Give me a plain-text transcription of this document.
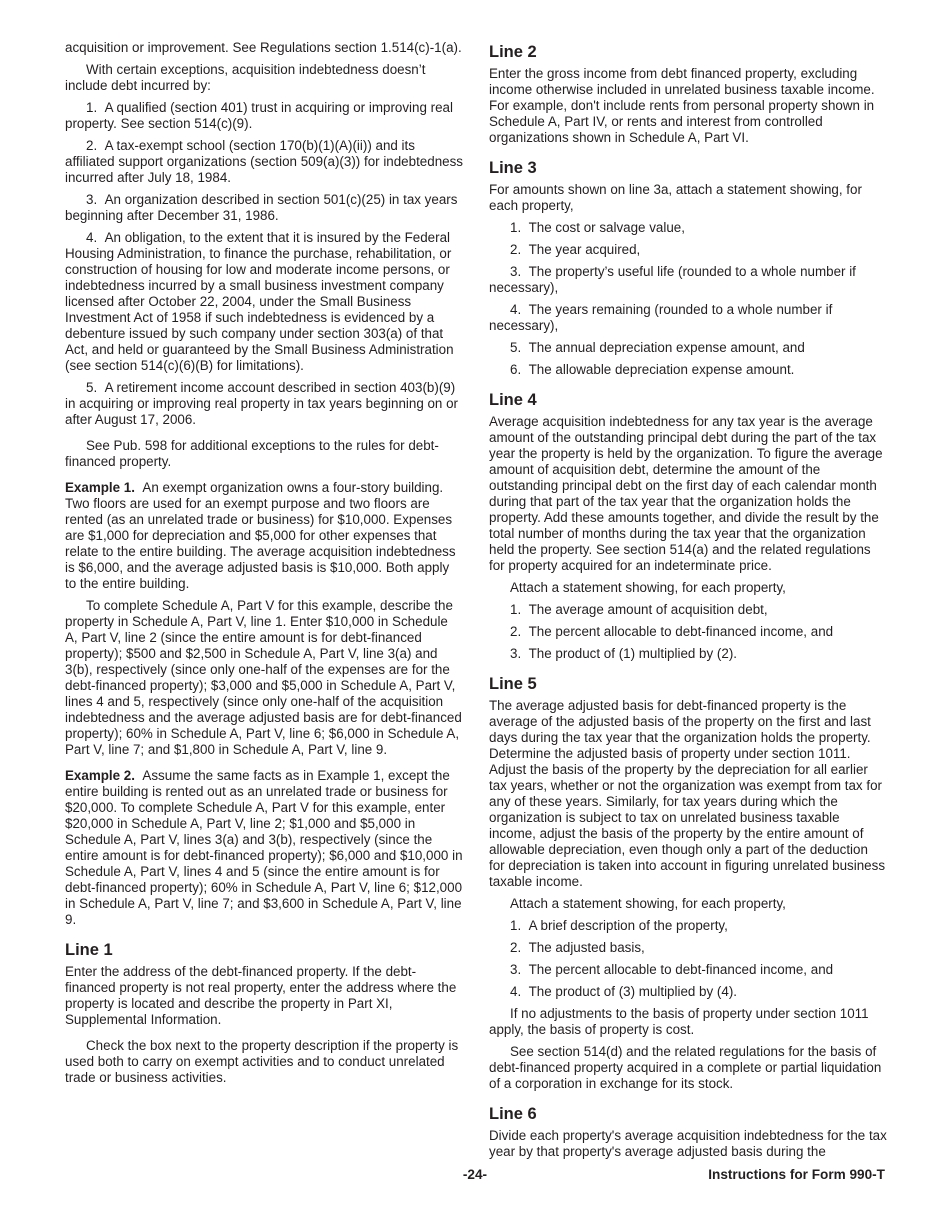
acquisition or improvement. See Regulations section 1.514(c)-1(a).

With certain exceptions, acquisition indebtedness doesn’t include debt incurred by:

1. A qualified (section 401) trust in acquiring or improving real property. See section 514(c)(9).

2. A tax-exempt school (section 170(b)(1)(A)(ii)) and its affiliated support organizations (section 509(a)(3)) for indebtedness incurred after July 18, 1984.

3. An organization described in section 501(c)(25) in tax years beginning after December 31, 1986.

4. An obligation, to the extent that it is insured by the Federal Housing Administration, to finance the purchase, rehabilitation, or construction of housing for low and moderate income persons, or indebtedness incurred by a small business investment company licensed after October 22, 2004, under the Small Business Investment Act of 1958 if such indebtedness is evidenced by a debenture issued by such company under section 303(a) of that Act, and held or guaranteed by the Small Business Administration (see section 514(c)(6)(B) for limitations).

5. A retirement income account described in section 403(b)(9) in acquiring or improving real property in tax years beginning on or after August 17, 2006.

See Pub. 598 for additional exceptions to the rules for debt-financed property.

Example 1. An exempt organization owns a four-story building. Two floors are used for an exempt purpose and two floors are rented (as an unrelated trade or business) for $10,000. Expenses are $1,000 for depreciation and $5,000 for other expenses that relate to the entire building. The average acquisition indebtedness is $6,000, and the average adjusted basis is $10,000. Both apply to the entire building.

To complete Schedule A, Part V for this example, describe the property in Schedule A, Part V, line 1. Enter $10,000 in Schedule A, Part V, line 2 (since the entire amount is for debt-financed property); $500 and $2,500 in Schedule A, Part V, line 3(a) and 3(b), respectively (since only one-half of the expenses are for the debt-financed property); $3,000 and $5,000 in Schedule A, Part V, lines 4 and 5, respectively (since only one-half of the acquisition indebtedness and the average adjusted basis are for debt-financed property); 60% in Schedule A, Part V, line 6; $6,000 in Schedule A, Part V, line 7; and $1,800 in Schedule A, Part V, line 9.

Example 2. Assume the same facts as in Example 1, except the entire building is rented out as an unrelated trade or business for $20,000. To complete Schedule A, Part V for this example, enter $20,000 in Schedule A, Part V, line 2; $1,000 and $5,000 in Schedule A, Part V, lines 3(a) and 3(b), respectively (since the entire amount is for debt-financed property); $6,000 and $10,000 in Schedule A, Part V, lines 4 and 5 (since the entire amount is for debt-financed property); 60% in Schedule A, Part V, line 6; $12,000 in Schedule A, Part V, line 7; and $3,600 in Schedule A, Part V, line 9.

Line 1

Enter the address of the debt-financed property. If the debt-financed property is not real property, enter the address where the property is located and describe the property in Part XI, Supplemental Information.

Check the box next to the property description if the property is used both to carry on exempt activities and to conduct unrelated trade or business activities.

Line 2

Enter the gross income from debt financed property, excluding income otherwise included in unrelated business taxable income. For example, don't include rents from personal property shown in Schedule A, Part IV, or rents and interest from controlled organizations shown in Schedule A, Part VI.

Line 3

For amounts shown on line 3a, attach a statement showing, for each property,

1. The cost or salvage value,

2. The year acquired,

3. The property’s useful life (rounded to a whole number if necessary),

4. The years remaining (rounded to a whole number if necessary),

5. The annual depreciation expense amount, and

6. The allowable depreciation expense amount.

Line 4

Average acquisition indebtedness for any tax year is the average amount of the outstanding principal debt during the part of the tax year the property is held by the organization. To figure the average amount of acquisition debt, determine the amount of the outstanding principal debt on the first day of each calendar month during that part of the tax year that the organization holds the property. Add these amounts together, and divide the result by the total number of months during the tax year that the organization held the property. See section 514(a) and the related regulations for property acquired for an indeterminate price.

Attach a statement showing, for each property,

1. The average amount of acquisition debt,

2. The percent allocable to debt-financed income, and

3. The product of (1) multiplied by (2).

Line 5

The average adjusted basis for debt-financed property is the average of the adjusted basis of the property on the first and last days during the tax year that the organization holds the property. Determine the adjusted basis of property under section 1011. Adjust the basis of the property by the depreciation for all earlier tax years, whether or not the organization was exempt from tax for any of these years. Similarly, for tax years during which the organization is subject to tax on unrelated business taxable income, adjust the basis of the property by the entire amount of allowable depreciation, even though only a part of the deduction for depreciation is taken into account in figuring unrelated business taxable income.

Attach a statement showing, for each property,

1. A brief description of the property,

2. The adjusted basis,

3. The percent allocable to debt-financed income, and

4. The product of (3) multiplied by (4).

If no adjustments to the basis of property under section 1011 apply, the basis of property is cost.

See section 514(d) and the related regulations for the basis of debt-financed property acquired in a complete or partial liquidation of a corporation in exchange for its stock.

Line 6

Divide each property's average acquisition indebtedness for the tax year by that property's average adjusted basis during the

-24-	Instructions for Form 990-T
